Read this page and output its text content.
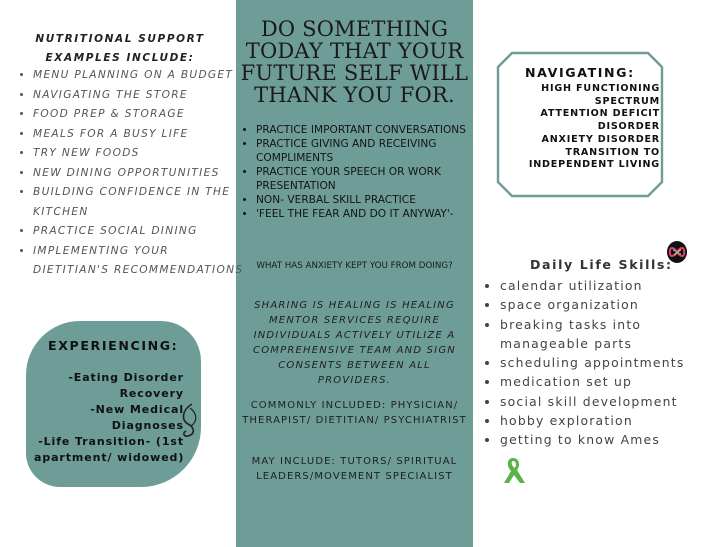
DO SOMETHING TODAY THAT YOUR FUTURE SELF WILL THANK YOU FOR.
• PRACTICE IMPORTANT CONVERSATIONS
• PRACTICE GIVING AND RECEIVING COMPLIMENTS
• PRACTICE YOUR SPEECH OR WORK PRESENTATION
• NON- VERBAL SKILL PRACTICE
• 'FEEL THE FEAR AND DO IT ANYWAY'-
WHAT HAS ANXIETY KEPT YOU FROM DOING?
SHARING IS HEALING IS HEALING MENTOR SERVICES REQUIRE INDIVIDUALS ACTIVELY UTILIZE A COMPREHENSIVE TEAM AND SIGN CONSENTS BETWEEN ALL PROVIDERS.
COMMONLY INCLUDED: PHYSICIAN/ THERAPIST/ DIETITIAN/ PSYCHIATRIST
MAY INCLUDE: TUTORS/ SPIRITUAL LEADERS/MOVEMENT SPECIALIST
NUTRITIONAL SUPPORT
EXAMPLES INCLUDE:
• MENU PLANNING ON A BUDGET
• NAVIGATING THE STORE
• FOOD PREP & STORAGE
• MEALS FOR A BUSY LIFE
• TRY NEW FOODS
• NEW DINING OPPORTUNITIES
• BUILDING CONFIDENCE IN THE KITCHEN
• PRACTICE SOCIAL DINING
• IMPLEMENTING YOUR DIETITIAN'S RECOMMENDATIONS
EXPERIENCING:
-Eating Disorder
Recovery
-New Medical
Diagnoses
-Life Transition- (1st
apartment/ widowed)
NAVIGATING:
HIGH FUNCTIONING
SPECTRUM
ATTENTION DEFICIT
DISORDER
ANXIETY DISORDER
TRANSITION TO
INDEPENDENT LIVING
Daily Life Skills:
• calendar utilization
• space organization
• breaking tasks into manageable parts
• scheduling appointments
• medication set up
• social skill development
• hobby exploration
• getting to know Ames
